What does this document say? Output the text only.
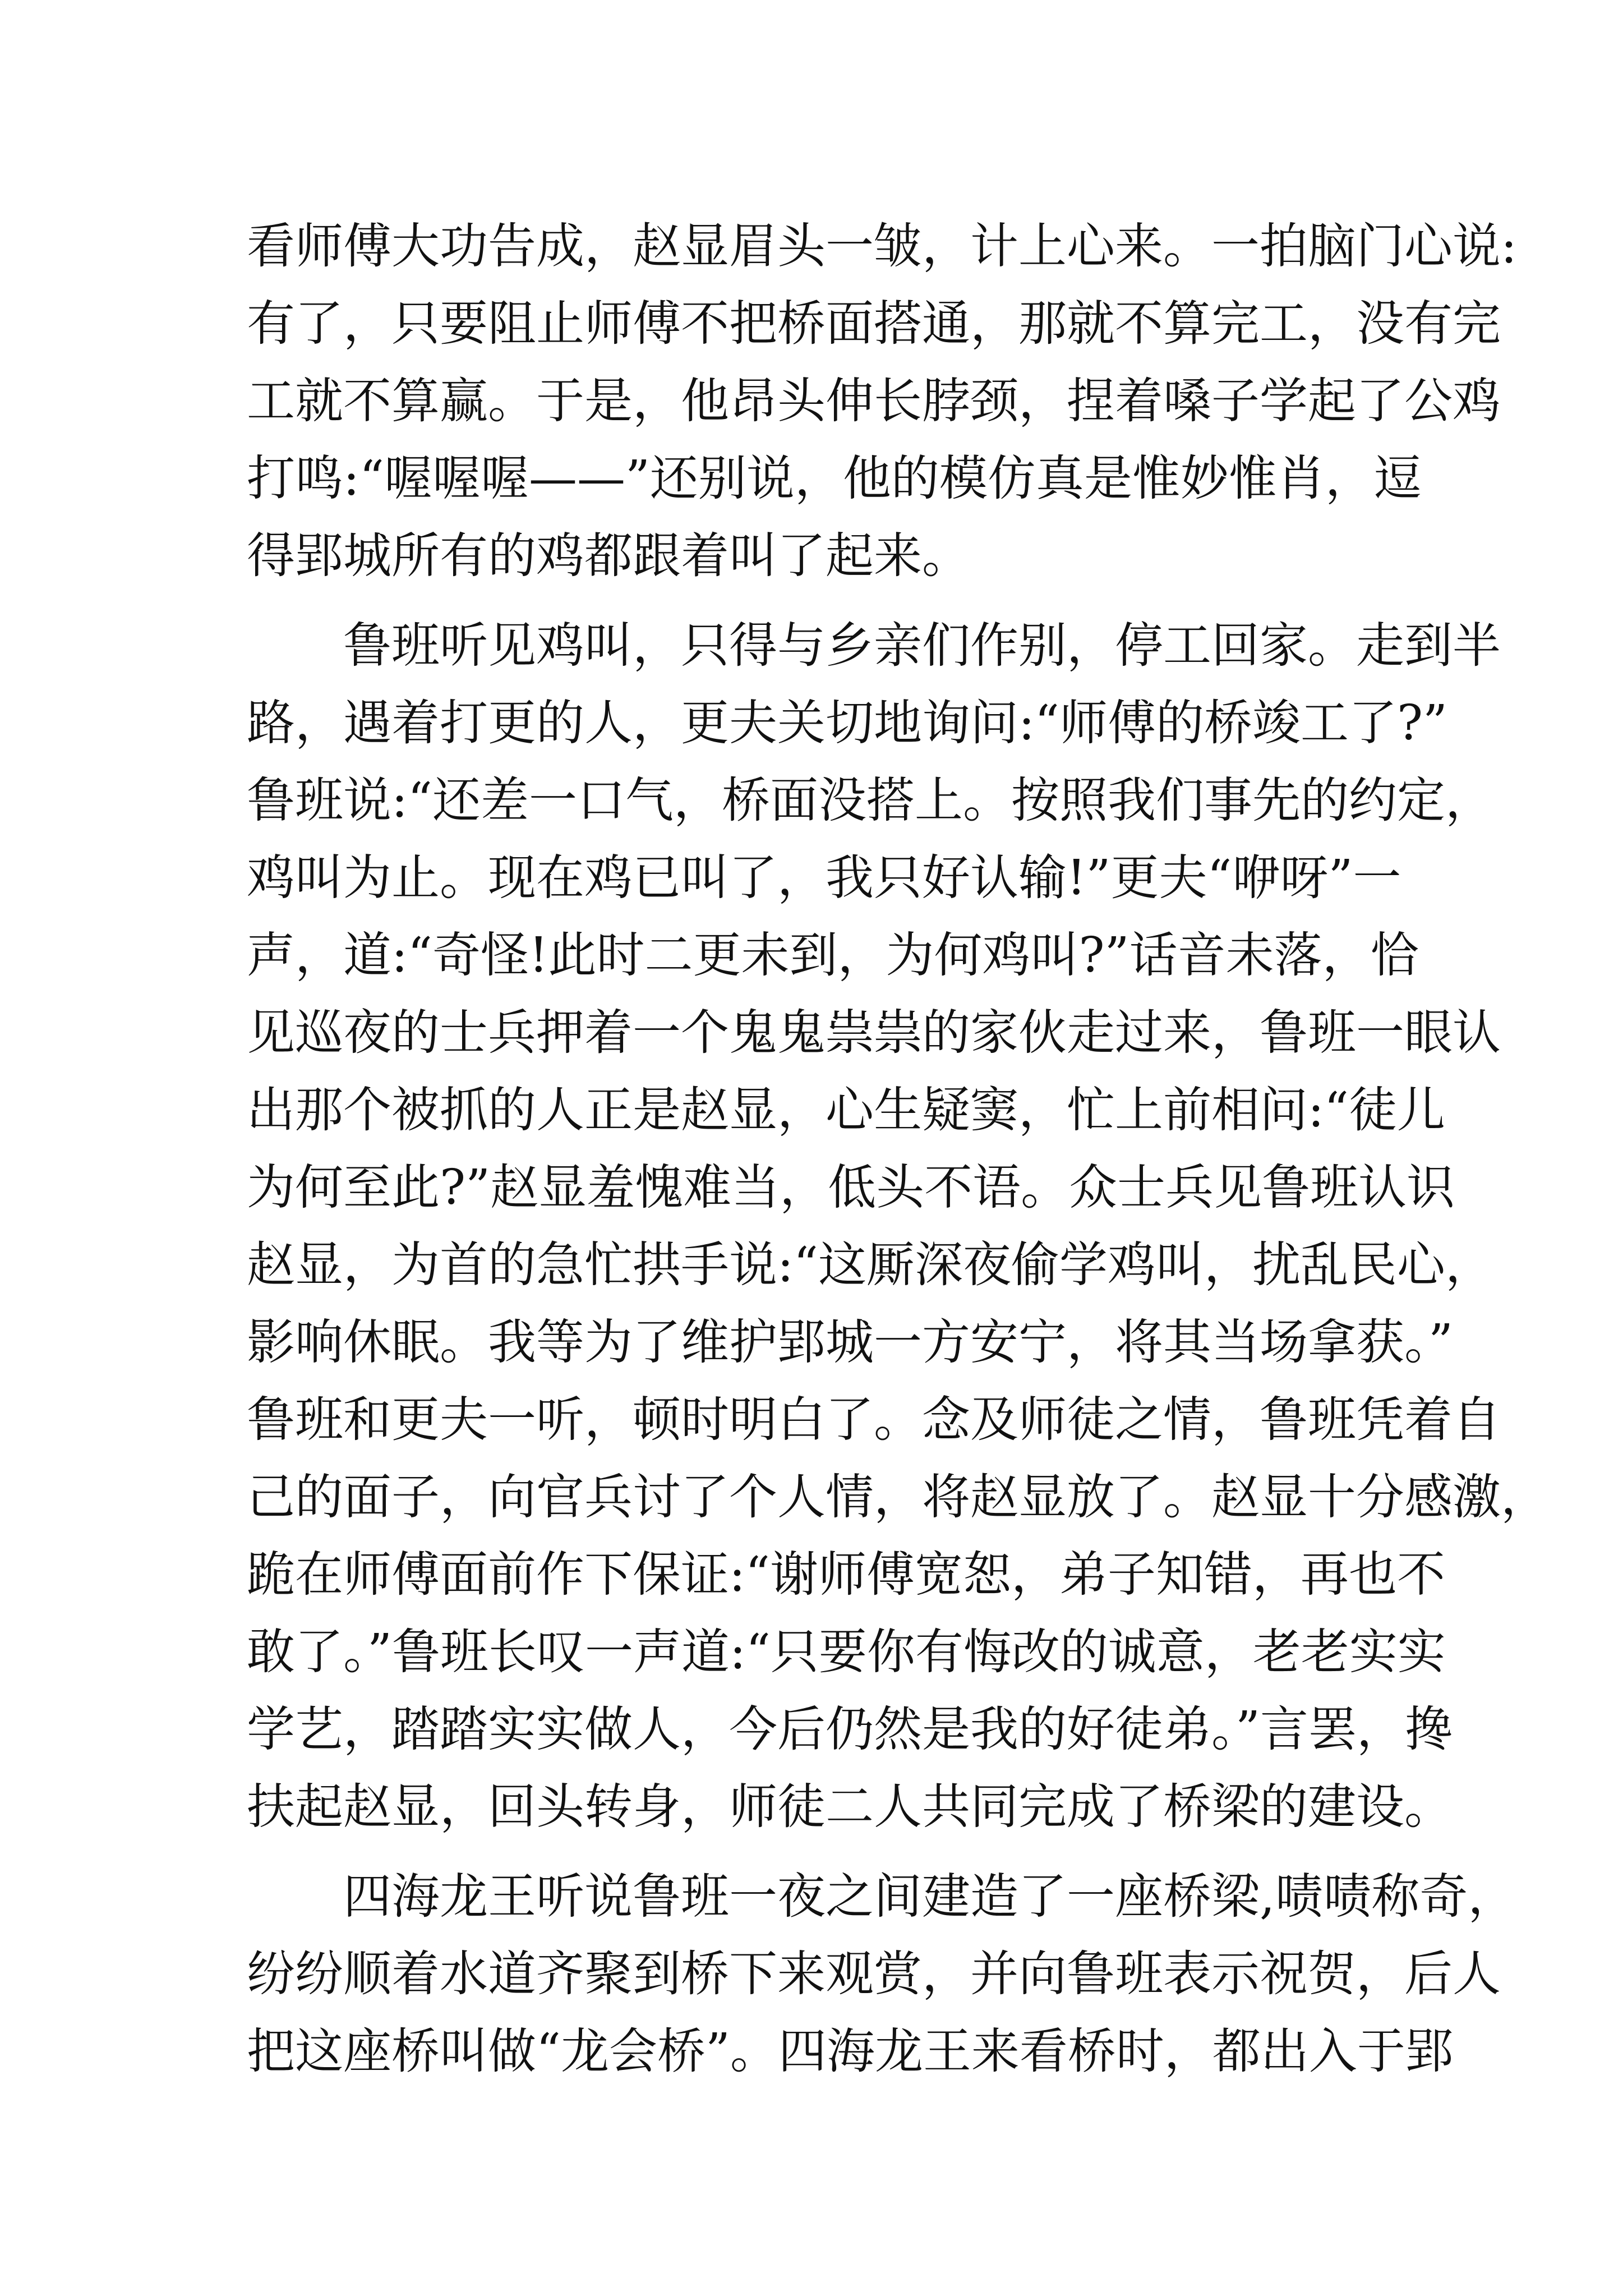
看师傅大功告成，赵显眉头一皱，计上心来。一拍脑门心说:
有了，只要阻止师傅不把桥面搭通，那就不算完工，没有完
工就不算赢。于是，他昂头伸长脖颈，捏着嗓子学起了公鸡
打鸣:“喔喔喔——”还别说，他的模仿真是惟妙惟肖，逗
得郢城所有的鸡都跟着叫了起来。
　　鲁班听见鸡叫，只得与乡亲们作别，停工回家。走到半
路，遇着打更的人，更夫关切地询问:“师傅的桥竣工了?”
鲁班说:“还差一口气，桥面没搭上。按照我们事先的约定，
鸡叫为止。现在鸡已叫了，我只好认输!”更夫“咿呀”一
声，道:“奇怪!此时二更未到，为何鸡叫?”话音未落，恰
见巡夜的士兵押着一个鬼鬼祟祟的家伙走过来，鲁班一眼认
出那个被抓的人正是赵显，心生疑窦，忙上前相问:“徒儿
为何至此?”赵显羞愧难当，低头不语。众士兵见鲁班认识
赵显，为首的急忙拱手说:“这厮深夜偷学鸡叫，扰乱民心，
影响休眠。我等为了维护郢城一方安宁，将其当场拿获。”
鲁班和更夫一听，顿时明白了。念及师徒之情，鲁班凭着自
己的面子，向官兵讨了个人情，将赵显放了。赵显十分感激，
跪在师傅面前作下保证:“谢师傅宽恕，弟子知错，再也不
敢了。”鲁班长叹一声道:“只要你有悔改的诚意，老老实实
学艺，踏踏实实做人，今后仍然是我的好徒弟。”言罢，搀
扶起赵显，回头转身，师徒二人共同完成了桥梁的建设。
　　四海龙王听说鲁班一夜之间建造了一座桥梁,啧啧称奇，
纷纷顺着水道齐聚到桥下来观赏，并向鲁班表示祝贺，后人
把这座桥叫做“龙会桥”。四海龙王来看桥时，都出入于郢
